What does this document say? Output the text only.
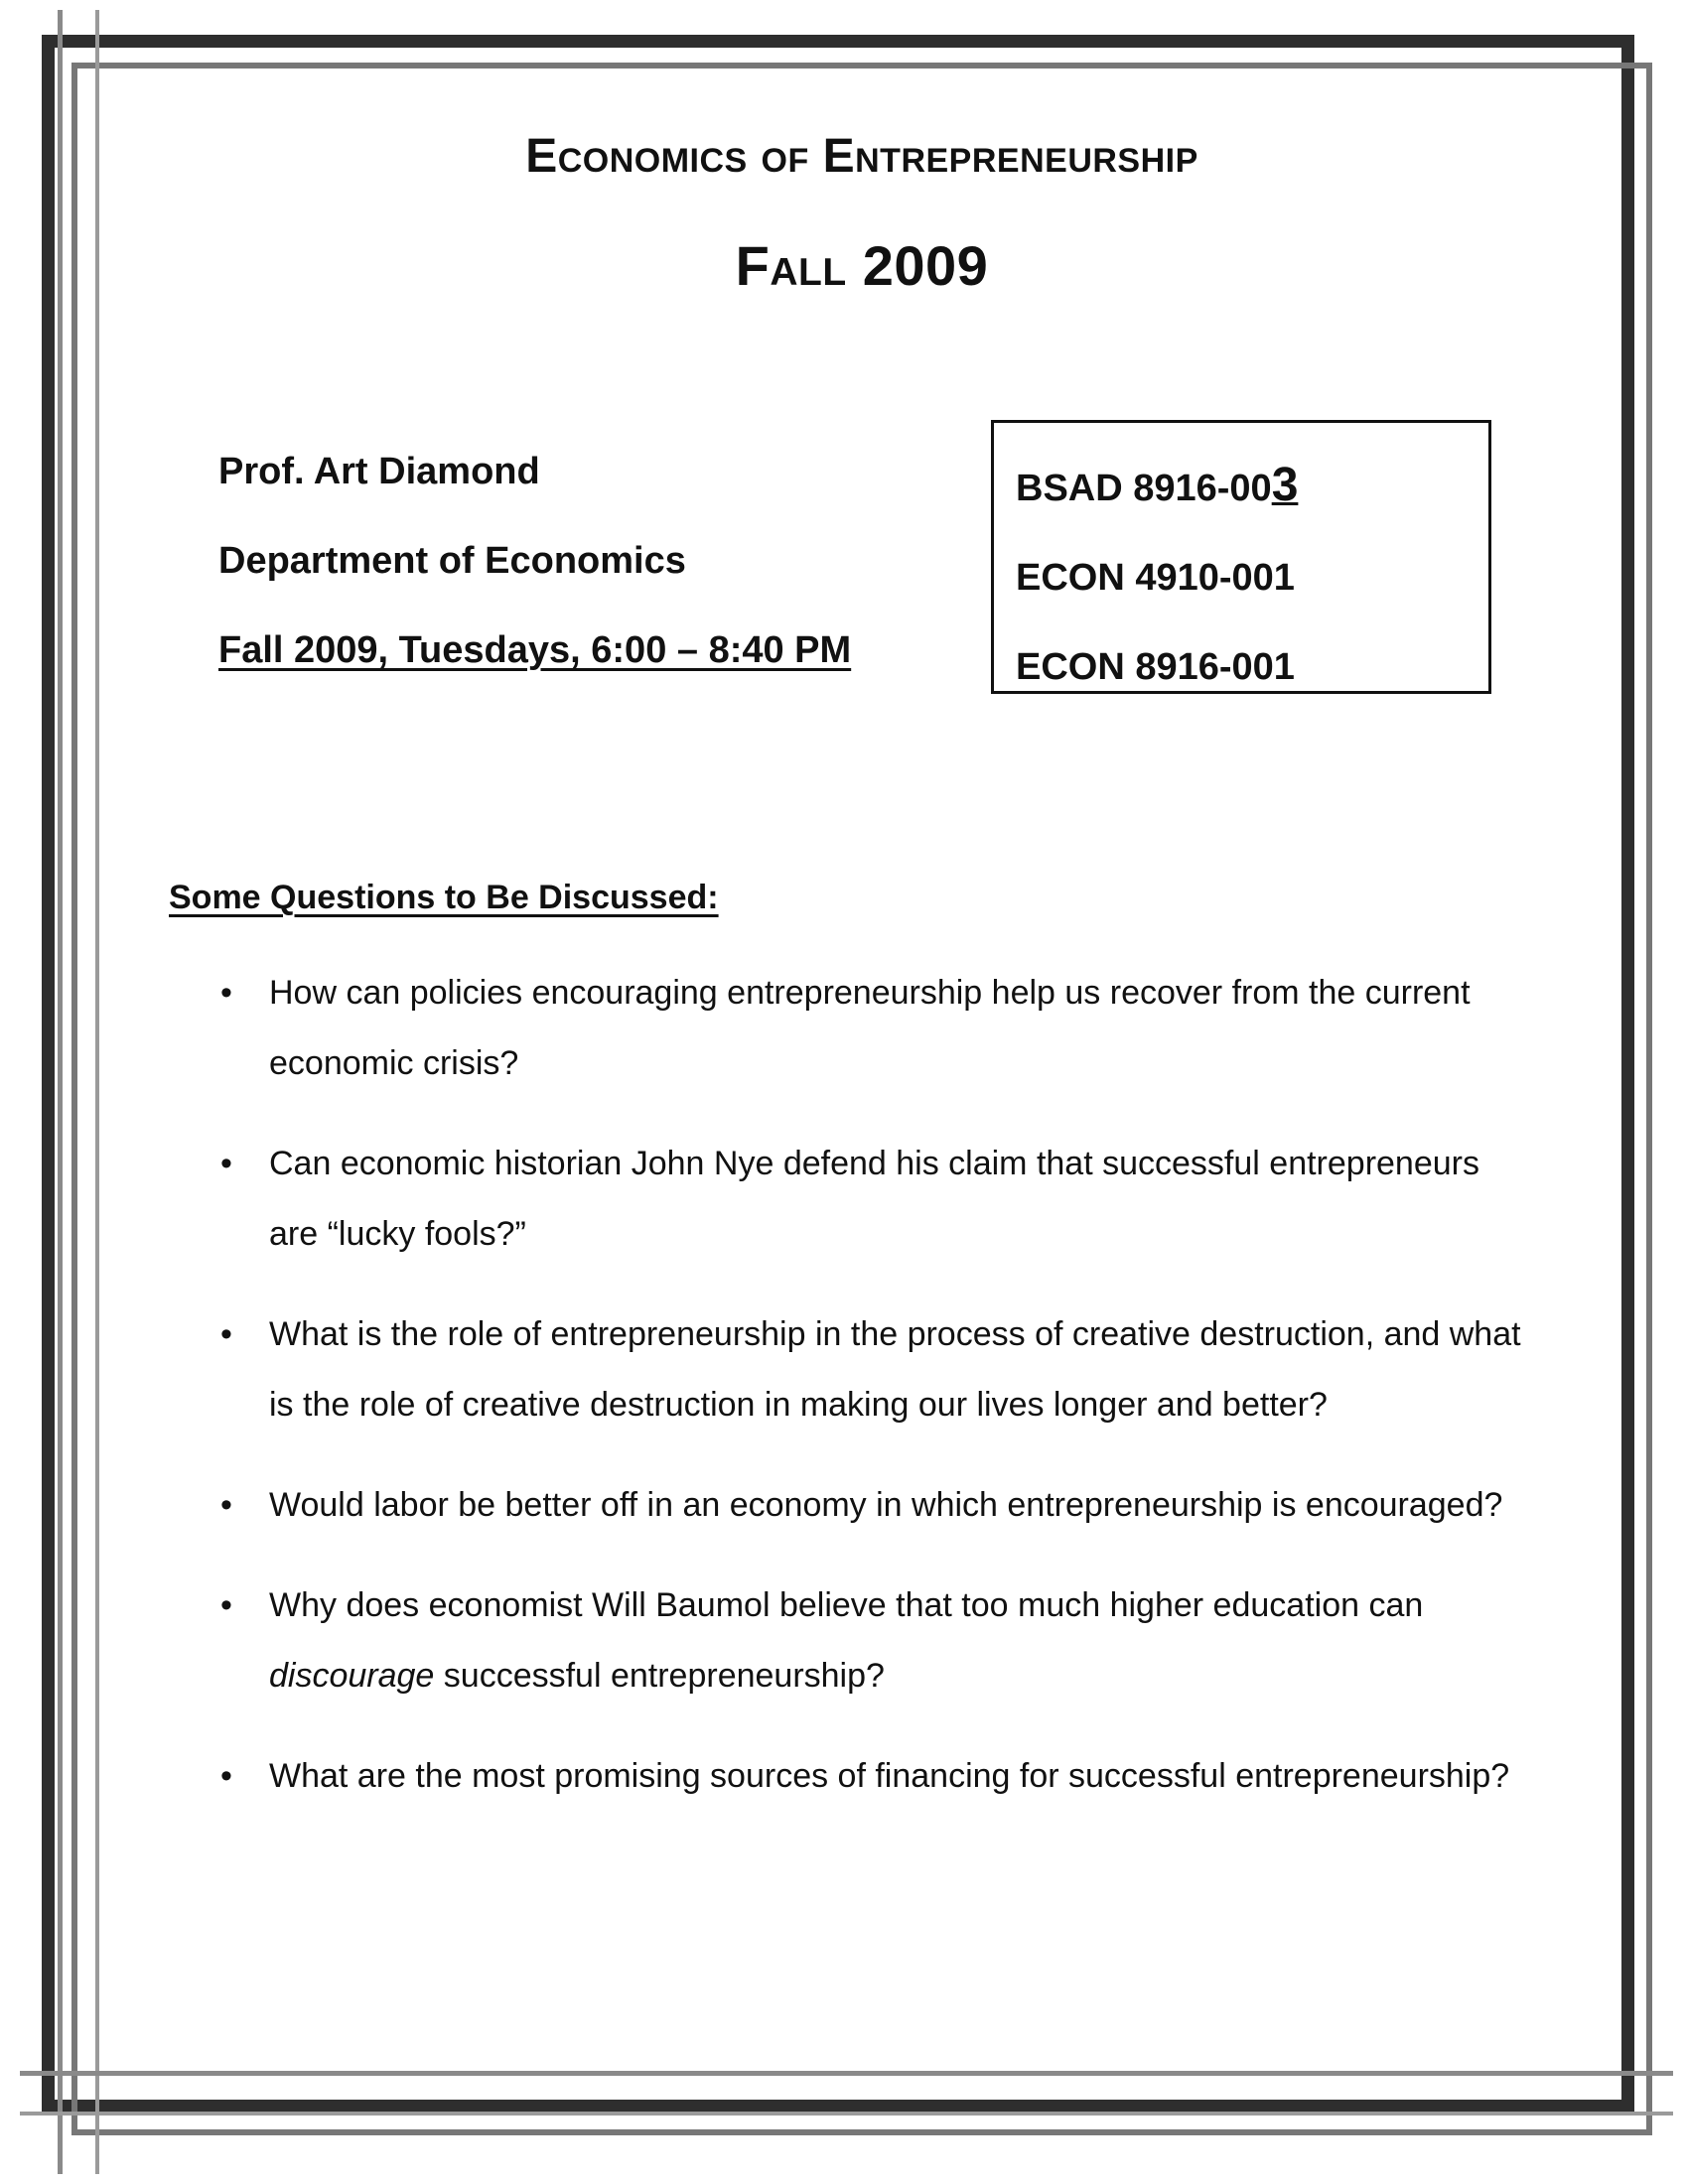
Economics of Entrepreneurship
Fall 2009
Prof. Art Diamond
Department of Economics
Fall 2009, Tuesdays, 6:00 – 8:40 PM
BSAD 8916-003
ECON 4910-001
ECON 8916-001
Some Questions to Be Discussed:
• How can policies encouraging entrepreneurship help us recover from the current economic crisis?
• Can economic historian John Nye defend his claim that successful entrepreneurs are “lucky fools?”
• What is the role of entrepreneurship in the process of creative destruction, and what is the role of creative destruction in making our lives longer and better?
• Would labor be better off in an economy in which entrepreneurship is encouraged?
• Why does economist Will Baumol believe that too much higher education can discourage successful entrepreneurship?
• What are the most promising sources of financing for successful entrepreneurship?
